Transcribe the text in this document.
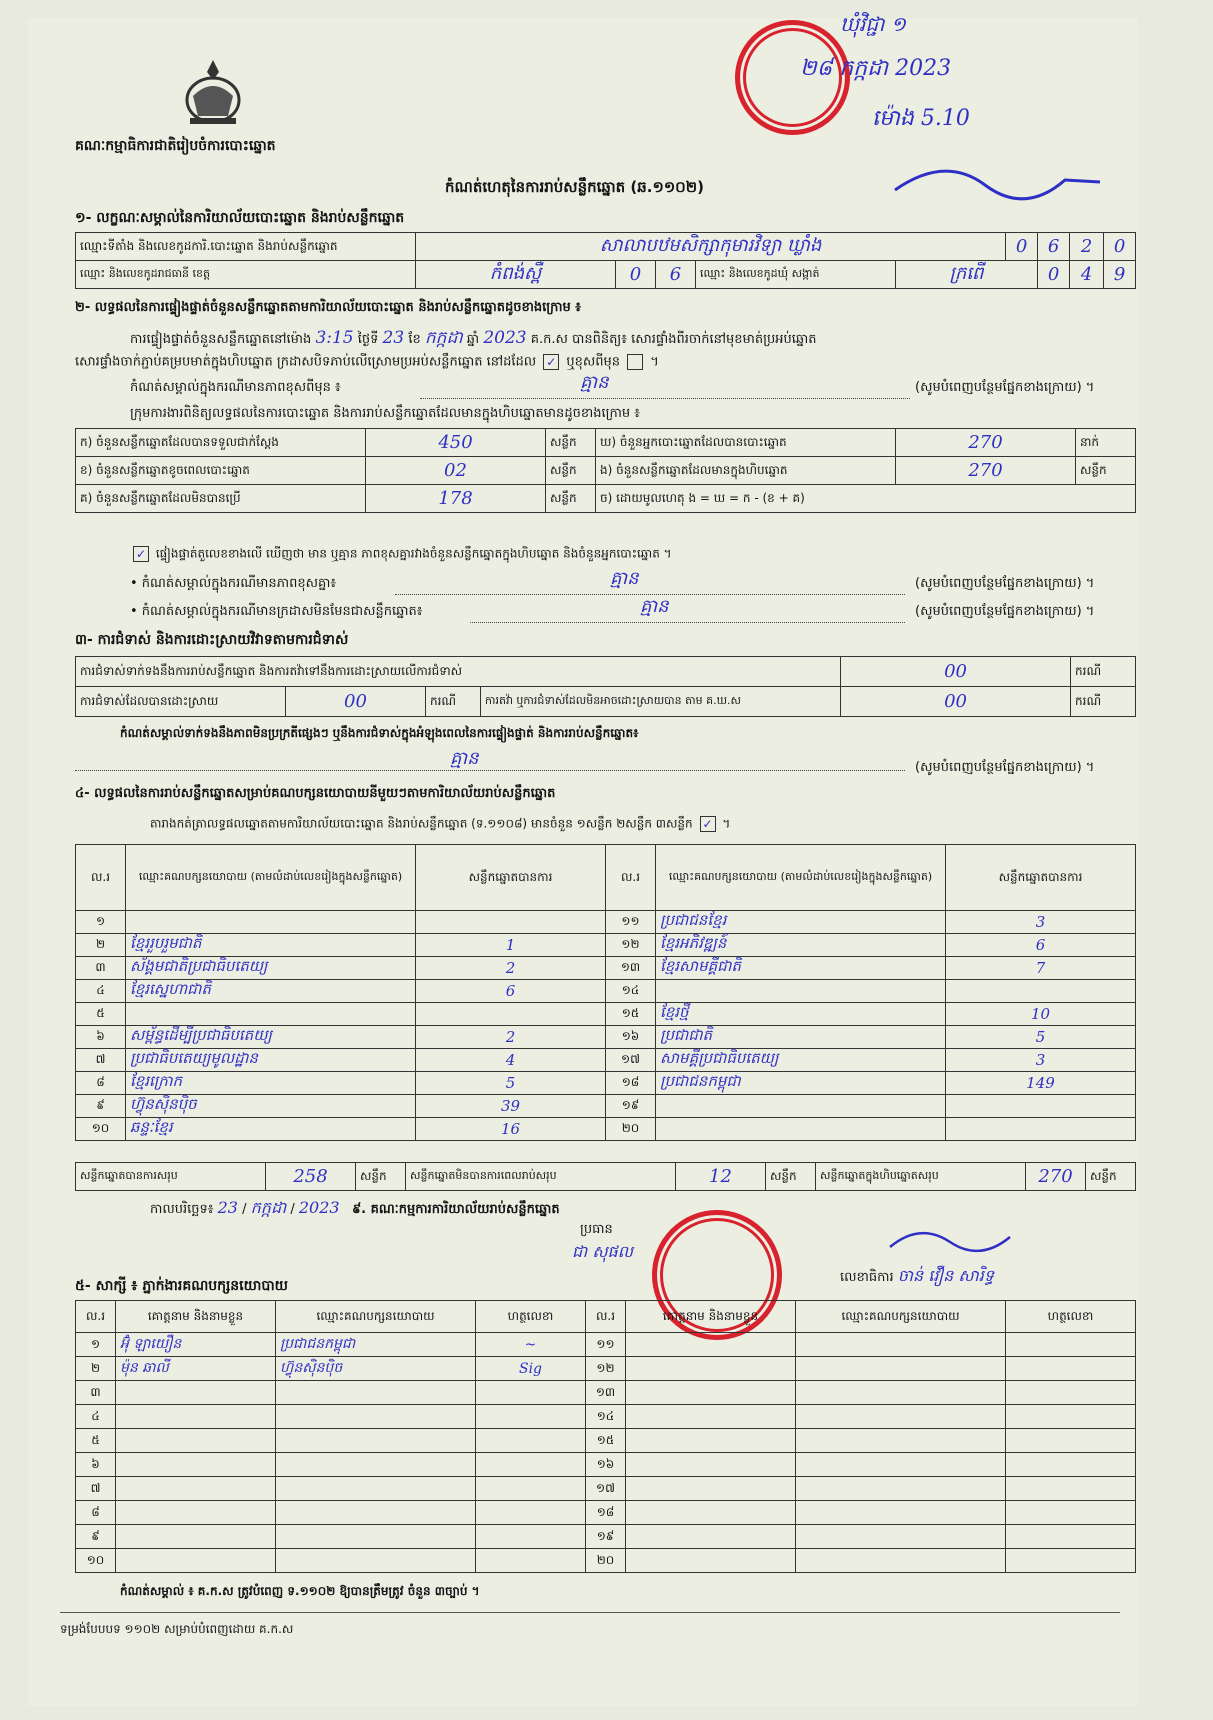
គណៈកម្មាធិការជាតិរៀបចំការបោះឆ្នោត
កំណត់ហេតុនៃការរាប់សន្លឹកឆ្នោត (ឆ.១១០២)
ឃុំវិជ្ជា ១
២៨ កក្កដា 2023
ម៉ោង 5.10
១- លក្ខណៈសម្គាល់នៃការិយាល័យបោះឆ្នោត និងរាប់សន្លឹកឆ្នោត
ឈ្មោះទីតាំង និងលេខកូដការិ.បោះឆ្នោត និងរាប់សន្លឹកឆ្នោត	សាលាបឋមសិក្សាកុមារវិទ្យា ឃ្លាំង					0	6	2	0
ឈ្មោះ និងលេខកូដរាជធានី ខេត្ត	កំពង់ស្ពឺ	0	6	ឈ្មោះ និងលេខកូដឃុំ សង្កាត់	ក្រពើ		0	4	9
២- លទ្ធផលនៃការផ្ទៀងផ្ទាត់ចំនួនសន្លឹកឆ្នោតតាមការិយាល័យបោះឆ្នោត និងរាប់សន្លឹកឆ្នោតដូចខាងក្រោម ៖
ការផ្ទៀងផ្ទាត់ចំនួនសន្លឹកឆ្នោតនៅម៉ោង 3:15 ថ្ងៃទី 23 ខែ កក្កដា ឆ្នាំ 2023 គ.ក.ស បានពិនិត្យ៖ សោរផ្ទាំងពីរចាក់នៅមុខមាត់ប្រអប់ឆ្នោត
សោរផ្ទាំងចាក់ភ្ជាប់គម្របមាត់ក្នុងហិបឆ្នោត ក្រដាសបិទភាប់លើស្រោមប្រអប់សន្លឹកឆ្នោត នៅដដែល ✓ ឬខុសពីមុន  ។
កំណត់សម្គាល់ក្នុងករណីមានភាពខុសពីមុន ៖	គ្មាន	(សូមបំពេញបន្ថែមផ្នែកខាងក្រោយ) ។
ក្រុមការងារពិនិត្យលទ្ធផលនៃការបោះឆ្នោត និងការរាប់សន្លឹកឆ្នោតដែលមានក្នុងហិបឆ្នោតមានដូចខាងក្រោម ៖
ក) ចំនួនសន្លឹកឆ្នោតដែលបានទទួលជាក់ស្តែង	450	សន្លឹក	ឃ) ចំនួនអ្នកបោះឆ្នោតដែលបានបោះឆ្នោត	270	នាក់
ខ) ចំនួនសន្លឹកឆ្នោតខូចពេលបោះឆ្នោត	02	សន្លឹក	ង) ចំនួនសន្លឹកឆ្នោតដែលមានក្នុងហិបឆ្នោត	270	សន្លឹក
គ) ចំនួនសន្លឹកឆ្នោតដែលមិនបានប្រើ	178	សន្លឹក	ច) ដោយមូលហេតុ ង = ឃ = ក - (ខ + គ)		
✓ ផ្ទៀងផ្ទាត់តួលេខខាងលើ ឃើញថា មាន ឬគ្មាន ភាពខុសគ្នារវាងចំនួនសន្លឹកឆ្នោតក្នុងហិបឆ្នោត និងចំនួនអ្នកបោះឆ្នោត ។
• កំណត់សម្គាល់ក្នុងករណីមានភាពខុសគ្នា៖	គ្មាន	(សូមបំពេញបន្ថែមផ្នែកខាងក្រោយ) ។
• កំណត់សម្គាល់ក្នុងករណីមានក្រដាសមិនមែនជាសន្លឹកឆ្នោត៖	គ្មាន	(សូមបំពេញបន្ថែមផ្នែកខាងក្រោយ) ។
៣- ការជំទាស់ និងការដោះស្រាយវិវាទតាមការជំទាស់
ការជំទាស់ទាក់ទងនឹងការរាប់សន្លឹកឆ្នោត និងការតវ៉ាទៅនឹងការដោះស្រាយលើការជំទាស់				00	ករណី
ការជំទាស់ដែលបានដោះស្រាយ	00	ករណី	ការតវ៉ា ឬការជំទាស់ដែលមិនអាចដោះស្រាយបាន តាម គ.ឃ.ស	00	ករណី
កំណត់សម្គាល់ទាក់ទងនឹងភាពមិនប្រក្រតីផ្សេងៗ ឬនឹងការជំទាស់ក្នុងអំឡុងពេលនៃការផ្ទៀងផ្ទាត់ និងការរាប់សន្លឹកឆ្នោត៖
គ្មាន	(សូមបំពេញបន្ថែមផ្នែកខាងក្រោយ) ។
៤- លទ្ធផលនៃការរាប់សន្លឹកឆ្នោតសម្រាប់គណបក្សនយោបាយនីមួយៗតាមការិយាល័យរាប់សន្លឹកឆ្នោត
តារាងកត់ត្រាលទ្ធផលឆ្នោតតាមការិយាល័យបោះឆ្នោត និងរាប់សន្លឹកឆ្នោត (ទ.១១០៨) មានចំនួន ១សន្លឹក ២សន្លឹក ៣សន្លឹក ✓ ។
ល.រ	ឈ្មោះគណបក្សនយោបាយ (តាមលំដាប់លេខរៀងក្នុងសន្លឹកឆ្នោត)	សន្លឹកឆ្នោតបានការ	ល.រ	ឈ្មោះគណបក្សនយោបាយ (តាមលំដាប់លេខរៀងក្នុងសន្លឹកឆ្នោត)	សន្លឹកឆ្នោតបានការ
១			១១	ប្រជាជនខ្មែរ	3
២	ខ្មែររួបរួមជាតិ	1	១២	ខ្មែរអភិវឌ្ឍន៍	6
៣	ស័ង្គមជាតិប្រជាធិបតេយ្យ	2	១៣	ខ្មែរសាមគ្គីជាតិ	7
៤	ខ្មែរស្នេហាជាតិ	6	១៤		
៥			១៥	ខ្មែរថ្មី	10
៦	សម្ព័ន្ធដើម្បីប្រជាធិបតេយ្យ	2	១៦	ប្រជាជាតិ	5
៧	ប្រជាធិបតេយ្យមូលដ្ឋាន	4	១៧	សាមគ្គីប្រជាធិបតេយ្យ	3
៨	ខ្មែរក្រោក	5	១៨	ប្រជាជនកម្ពុជា	149
៩	ហ៊្វុនស៊ិនប៉ិច	39	១៩		
១០	ឆន្ទៈខ្មែរ	16	២០		
សន្លឹកឆ្នោតបានការសរុប	258	សន្លឹក	សន្លឹកឆ្នោតមិនបានការពេលរាប់សរុប	12	សន្លឹក	សន្លឹកឆ្នោតក្នុងហិបឆ្នោតសរុប	270	សន្លឹក
កាលបរិច្ឆេទ៖ 23 / កក្កដា / 2023 ៩. គណៈកម្មការការិយាល័យរាប់សន្លឹកឆ្នោត
ប្រធាន
ជា សុផល
លេខាធិការ ចាន់ វឿន សារិទ្ធ
៥- សាក្សី ៖ ភ្នាក់ងារគណបក្សនយោបាយ
ល.រ	គោត្តនាម និងនាមខ្លួន	ឈ្មោះគណបក្សនយោបាយ	ហត្ថលេខា	ល.រ	គោត្តនាម និងនាមខ្លួន	ឈ្មោះគណបក្សនយោបាយ	ហត្ថលេខា
១	អ៊ុំ ឡាយឿន	ប្រជាជនកម្ពុជា	~	១១			
២	ម៉ុន ឆាលី	ហ៊្វុនស៊ិនប៉ិច	Sig	១២			
៣				១៣			
៤				១៤			
៥				១៥			
៦				១៦			
៧				១៧			
៨				១៨			
៩				១៩			
១០				២០			
កំណត់សម្គាល់ ៖ គ.ក.ស ត្រូវបំពេញ ទ.១១០២ ឱ្យបានត្រឹមត្រូវ ចំនួន ៣ច្បាប់ ។
ទម្រង់បែបបទ ១១០២ សម្រាប់បំពេញដោយ គ.ក.ស
